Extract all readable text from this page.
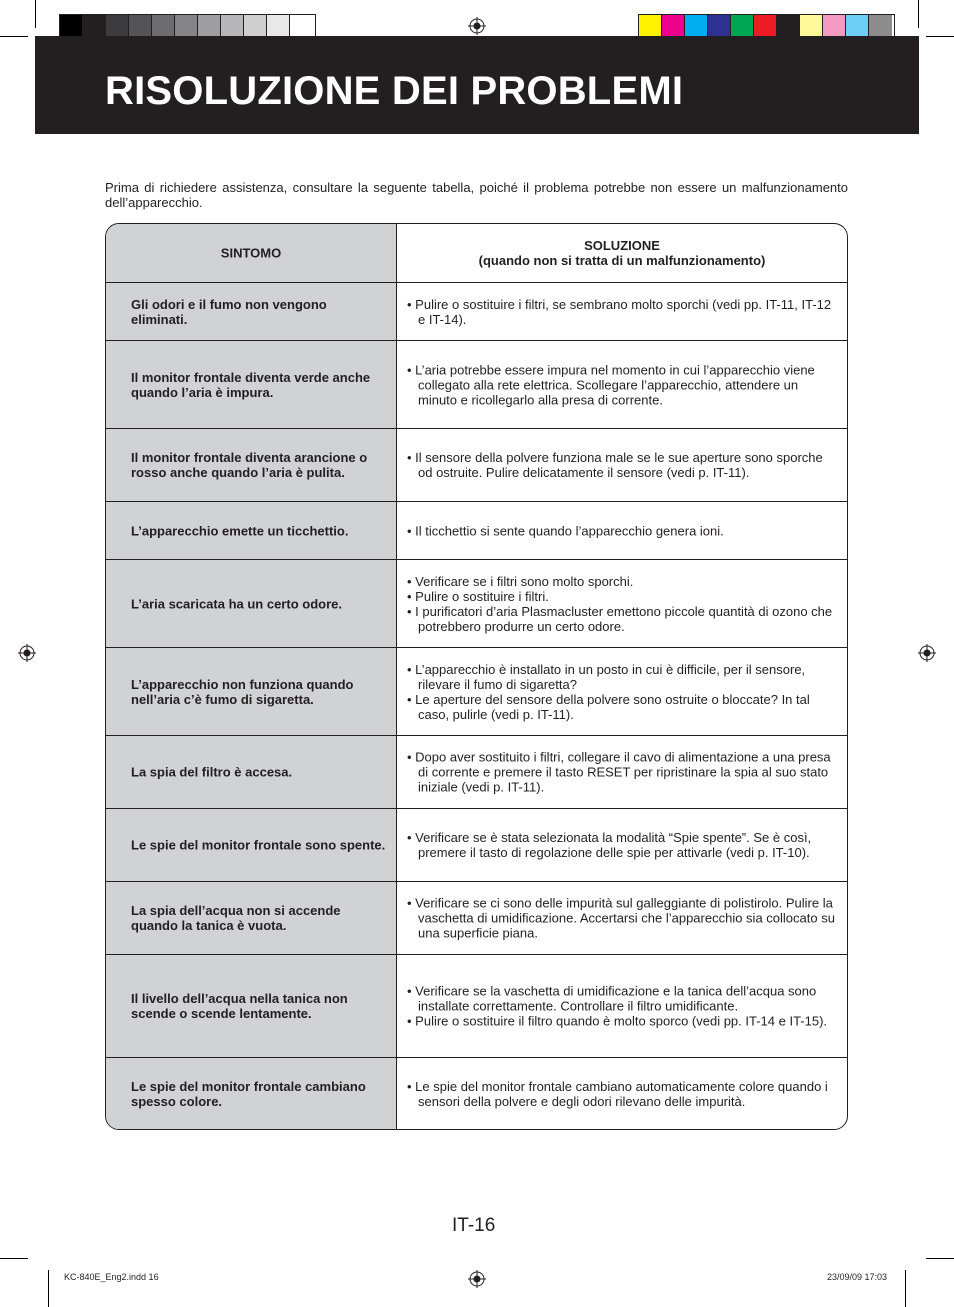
RISOLUZIONE DEI PROBLEMI
Prima di richiedere assistenza, consultare la seguente tabella, poiché il problema potrebbe non essere un malfunzionamento dell’apparecchio.
SINTOMO	SOLUZIONE
(quando non si tratta di un malfunzionamento)
Gli odori e il fumo non vengono eliminati.
• Pulire o sostituire i filtri, se sembrano molto sporchi (vedi pp. IT-11, IT-12 e IT-14).
Il monitor frontale diventa verde anche quando l’aria è impura.
• L’aria potrebbe essere impura nel momento in cui l’apparecchio viene collegato alla rete elettrica. Scollegare l’apparecchio, attendere un minuto e ricollegarlo alla presa di corrente.
Il monitor frontale diventa arancione o rosso anche quando l’aria è pulita.
• Il sensore della polvere funziona male se le sue aperture sono sporche od ostruite. Pulire delicatamente il sensore (vedi p. IT-11).
L’apparecchio emette un ticchettio.	• Il ticchettio si sente quando l’apparecchio genera ioni.
L’aria scaricata ha un certo odore.
• Verificare se i filtri sono molto sporchi.
• Pulire o sostituire i filtri.
• I purificatori d’aria Plasmacluster emettono piccole quantità di ozono che potrebbero produrre un certo odore.
L’apparecchio non funziona quando nell’aria c’è fumo di sigaretta.
• L’apparecchio è installato in un posto in cui è difficile, per il sensore, rilevare il fumo di sigaretta?
• Le aperture del sensore della polvere sono ostruite o bloccate? In tal caso, pulirle (vedi p. IT-11).
La spia del filtro è accesa.
• Dopo aver sostituito i filtri, collegare il cavo di alimentazione a una presa di corrente e premere il tasto RESET per ripristinare la spia al suo stato iniziale (vedi p. IT-11).
Le spie del monitor frontale sono spente.	• Verificare se è stata selezionata la modalità “Spie spente”. Se è così, premere il tasto di regolazione delle spie per attivarle (vedi p. IT-10).
La spia dell’acqua non si accende quando la tanica è vuota.
• Verificare se ci sono delle impurità sul galleggiante di polistirolo. Pulire la vaschetta di umidificazione. Accertarsi che l’apparecchio sia collocato su una superficie piana.
Il livello dell’acqua nella tanica non scende o scende lentamente.
• Verificare se la vaschetta di umidificazione e la tanica dell’acqua sono installate correttamente. Controllare il filtro umidificante.
• Pulire o sostituire il filtro quando è molto sporco (vedi pp. IT-14 e IT-15).
Le spie del monitor frontale cambiano spesso colore.
• Le spie del monitor frontale cambiano automaticamente colore quando i sensori della polvere e degli odori rilevano delle impurità.
IT-16
KC-840E_Eng2.indd 16	23/09/09 17:03
